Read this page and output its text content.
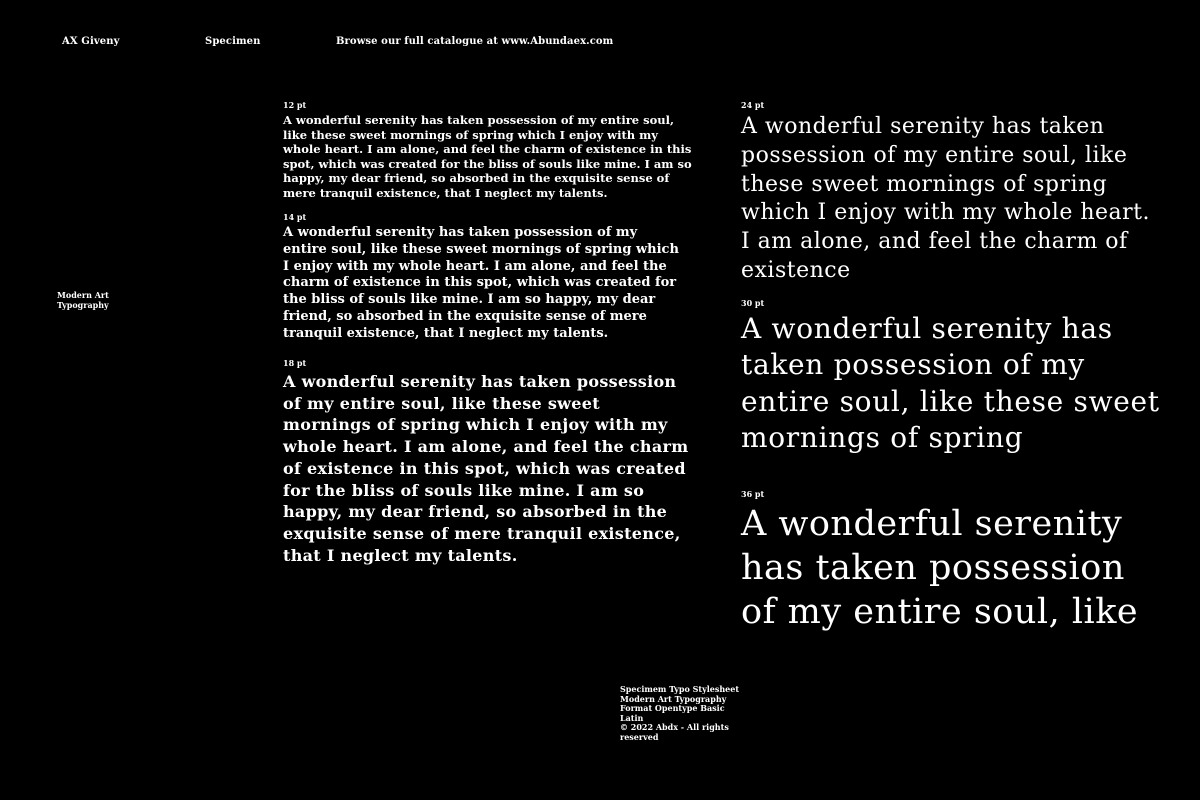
AX Giveny	Specimen	Browse our full catalogue at www.Abundaex.com
Modern Art
Typography
12 pt
A wonderful serenity has taken possession of my entire soul, like these sweet mornings of spring which I enjoy with my whole heart. I am alone, and feel the charm of existence in this spot, which was created for the bliss of souls like mine. I am so happy, my dear friend, so absorbed in the exquisite sense of mere tranquil existence, that I neglect my talents.
14 pt
A wonderful serenity has taken possession of my entire soul, like these sweet mornings of spring which I enjoy with my whole heart. I am alone, and feel the charm of existence in this spot, which was created for the bliss of souls like mine. I am so happy, my dear friend, so absorbed in the exquisite sense of mere tranquil existence, that I neglect my talents.
18 pt
A wonderful serenity has taken possession of my entire soul, like these sweet mornings of spring which I enjoy with my whole heart. I am alone, and feel the charm of existence in this spot, which was created for the bliss of souls like mine. I am so happy, my dear friend, so absorbed in the exquisite sense of mere tranquil existence, that I neglect my talents.
24 pt
A wonderful serenity has taken possession of my entire soul, like these sweet mornings of spring which I enjoy with my whole heart. I am alone, and feel the charm of existence
30 pt
A wonderful serenity has taken possession of my entire soul, like these sweet mornings of spring
36 pt
A wonderful serenity has taken possession of my entire soul, like
Specimem Typo Stylesheet
Modern Art Typography
Format Opentype Basic Latin
© 2022 Abdx - All rights reserved
